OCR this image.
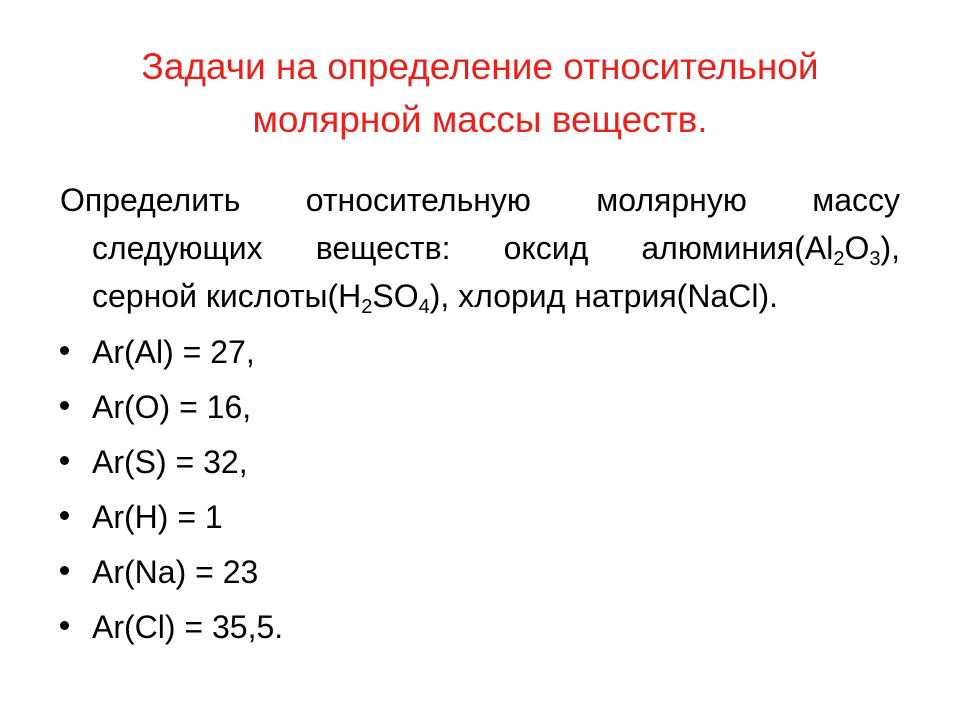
Задачи на определение относительной
молярной массы веществ.
Определить относительную молярную массу
следующих веществ: оксид $алюминия(Al_2O_3)$,
серной $кислоты(H_2SO_4)$, хлорид натрия(NaCl).
Ar(Al) = 27,
Ar(O) = 16,
Ar(S) = 32,
Ar(H) = 1
Ar(Na) = 23
Ar(Cl) = 35,5.
